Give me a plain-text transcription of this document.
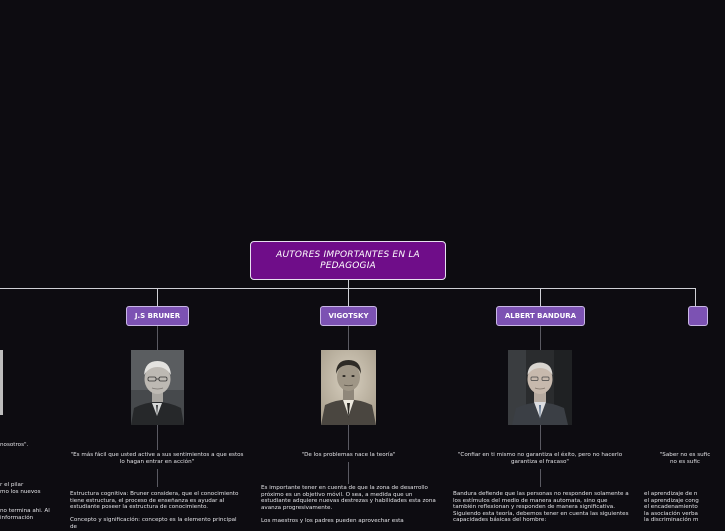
AUTORES IMPORTANTES EN LA PEDAGOGIA
J.S BRUNER	VIGOTSKY	ALBERT BANDURA
"Es más fácil que usted active a sus sentimientos a que estos lo hagan entrar en acción"
"De los problemas nace la teoría"	"Confiar en ti mismo no garantiza el éxito, pero no hacerlo garantiza el fracaso"
Estructura cognitiva: Bruner considera, que el conocimiento tiene estructura, el proceso de enseñanza es ayudar al estudiante poseer la estructura de conocimiento.

Concepto y significación: concepto es la elemento principal de
Es importante tener en cuenta de que la zona de desarrollo próximo es un objetivo móvil. O sea, a medida que un estudiante adquiere nuevas destrezas y habilidades esta zona avanza progresivamente.

Los maestros y los padres pueden aprovechar esta
Bandura defiende que las personas no responden solamente a los estímulos del medio de manera automata, sino que también reflexionan y responden de manera significativa. Siguiendo esta teoría, debemos tener en cuenta las siguientes capacidades básicas del hombre:
nosotros".
r el pilar
mo los nuevos
no termina ahi. Al
información
"Saber no es sufic
no es sufic
el aprendizaje de n
el aprendizaje cong
el encadenamiento
la asociación verba
la discriminación m
